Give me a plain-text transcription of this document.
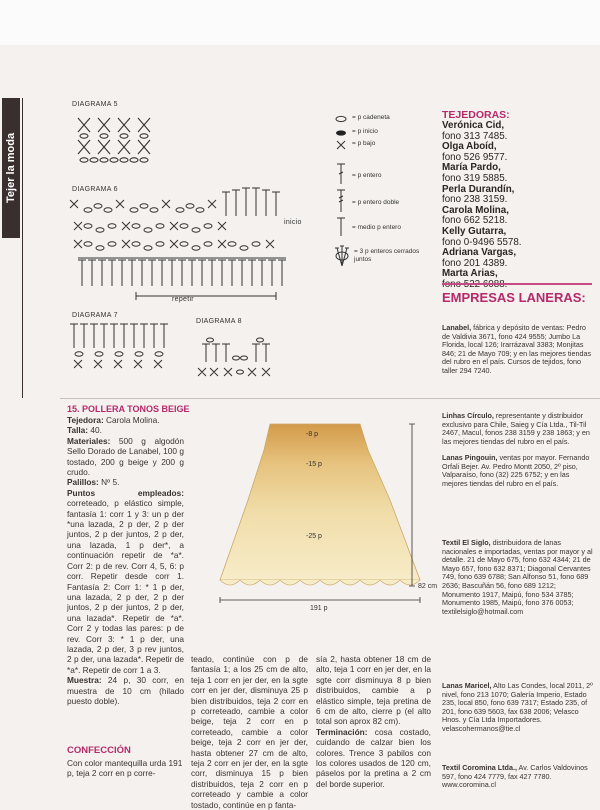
Tejer la moda
DIAGRAMA 5
DIAGRAMA 6
repetir
inicio
DIAGRAMA 7
DIAGRAMA 8
= p cadeneta
= p inicio
= p bajo
= p entero
= p entero doble
= medio p entero
= 3 p enteros cerrados juntos
TEJEDORAS:
Verónica Cid,
fono 313 7485.
Olga Aboíd,
fono 526 9577.
María Pardo,
fono 319 5885.
Perla Durandín,
fono 238 3159.
Carola Molina,
fono 662 5218.
Kelly Gutarra,
fono 0-9496 5578.
Adriana Vargas,
fono 201 4389.
Marta Arias,

EMPRESAS LANERAS:
Lanabel, fábrica y depósito de ventas: Pedro de Valdivia 3671, fono 424 9555; Jumbo La Florida, local 126; Irarrázaval 3383; Monjitas 846; 21 de Mayo 709; y en las mejores tiendas del rubro en el país. Cursos de tejidos, fono taller 294 7240.
Linhas Círculo, representante y distribuidor exclusivo para Chile, Saieg y Cía Ltda., Til-Til 2467, Macul, fonos 238 3159 y 238 1863; y en las mejores tiendas del rubro en el país.
Lanas Pingouin, ventas por mayor. Fernando Orfali Bejer. Av. Pedro Montt 2050, 2º piso, Valparaíso, fono (32) 225 6752; y en las mejores tiendas del rubro en el país.
Textil El Siglo, distribuidora de lanas nacionales e importadas, ventas por mayor y al detalle. 21 de Mayo 675, fono 632 4344; 21 de Mayo 657, fono 632 8371; Diagonal Cervantes 749, fono 639 6788; San Alfonso 51, fono 689 2636; Bascuñán 56, fono 689 1212; Monumento 1917, Maipú, fono 534 3785; Monumento 1985, Maipú, fono 376 0053; textilelsiglo@hotmail.com
Lanas Maricel, Alto Las Condes, local 2011, 2º nivel, fono 213 1070; Galería Imperio, Estado 235, local 850, fono 639 7317; Estado 235, of 201, fono 639 5603, fax 638 2006; Velasco Hnos. y Cía Ltda Importadores. velascohermanos@tie.cl
Textil Coromina Ltda., Av. Carlos Valdovinos 597, fono 424 7779, fax 427 7780. www.coromina.cl
15. POLLERA TONOS BEIGE
Tejedora: Carola Molina.
Talla: 40.
Materiales: 500 g algodón Sello Dorado de Lanabel, 100 g tostado, 200 g beige y 200 g crudo.
Palillos: Nº 5.
Puntos empleados: correteado, p elástico simple, fantasía 1: corr 1 y 3: un p der *una lazada, 2 p der, 2 p der juntos, 2 p der juntos, 2 p der, una lazada, 1 p der*, a continuación repetir de *a*. Corr 2: p de rev. Corr 4, 5, 6: p corr. Repetir desde corr 1. Fantasía 2: Corr 1: * 1 p der, una lazada, 2 p der, 2 p der juntos, 2 p der juntos, 2 p der, una lazada*. Repetir de *a*. Corr 2 y todas las pares: p de rev. Corr 3: * 1 p der, una lazada, 2 p der, 3 p rev juntos, 2 p der, una lazada*. Repetir de *a*. Repetir de corr 1 a 3.
Muestra: 24 p, 30 corr, en muestra de 10 cm (hilado puesto doble).
CONFECCIÓN
Con color mantequilla urda 191 p, teja 2 corr en p corre-
teado, continúe con p de fantasía 1; a los 25 cm de alto, teja 1 corr en jer der, en la sgte corr en jer der, disminuya 25 p bien distribuidos, teja 2 corr en p correteado, cambie a color beige, teja 2 corr en p correteado, cambie a color beige, teja 2 corr en jer der, hasta obtener 27 cm de alto, teja 2 corr en jer der, en la sgte corr, disminuya 15 p bien distribuidos, teja 2 corr en p correteado y cambie a color tostado, continúe en p fanta-
sía 2, hasta obtener 18 cm de alto, teja 1 corr en jer der, en la sgte corr disminuya 8 p bien distribuidos, cambie a p elástico simple, teja pretina de 6 cm de alto, cierre p (el alto total son aprox 82 cm).
Terminación: cosa costado, cuidando de calzar bien los colores. Trence 3 pabilos con los colores usados de 120 cm, páselos por la pretina a 2 cm del borde superior.
-8 p
-15 p
-25 p
82 cm
191 p
